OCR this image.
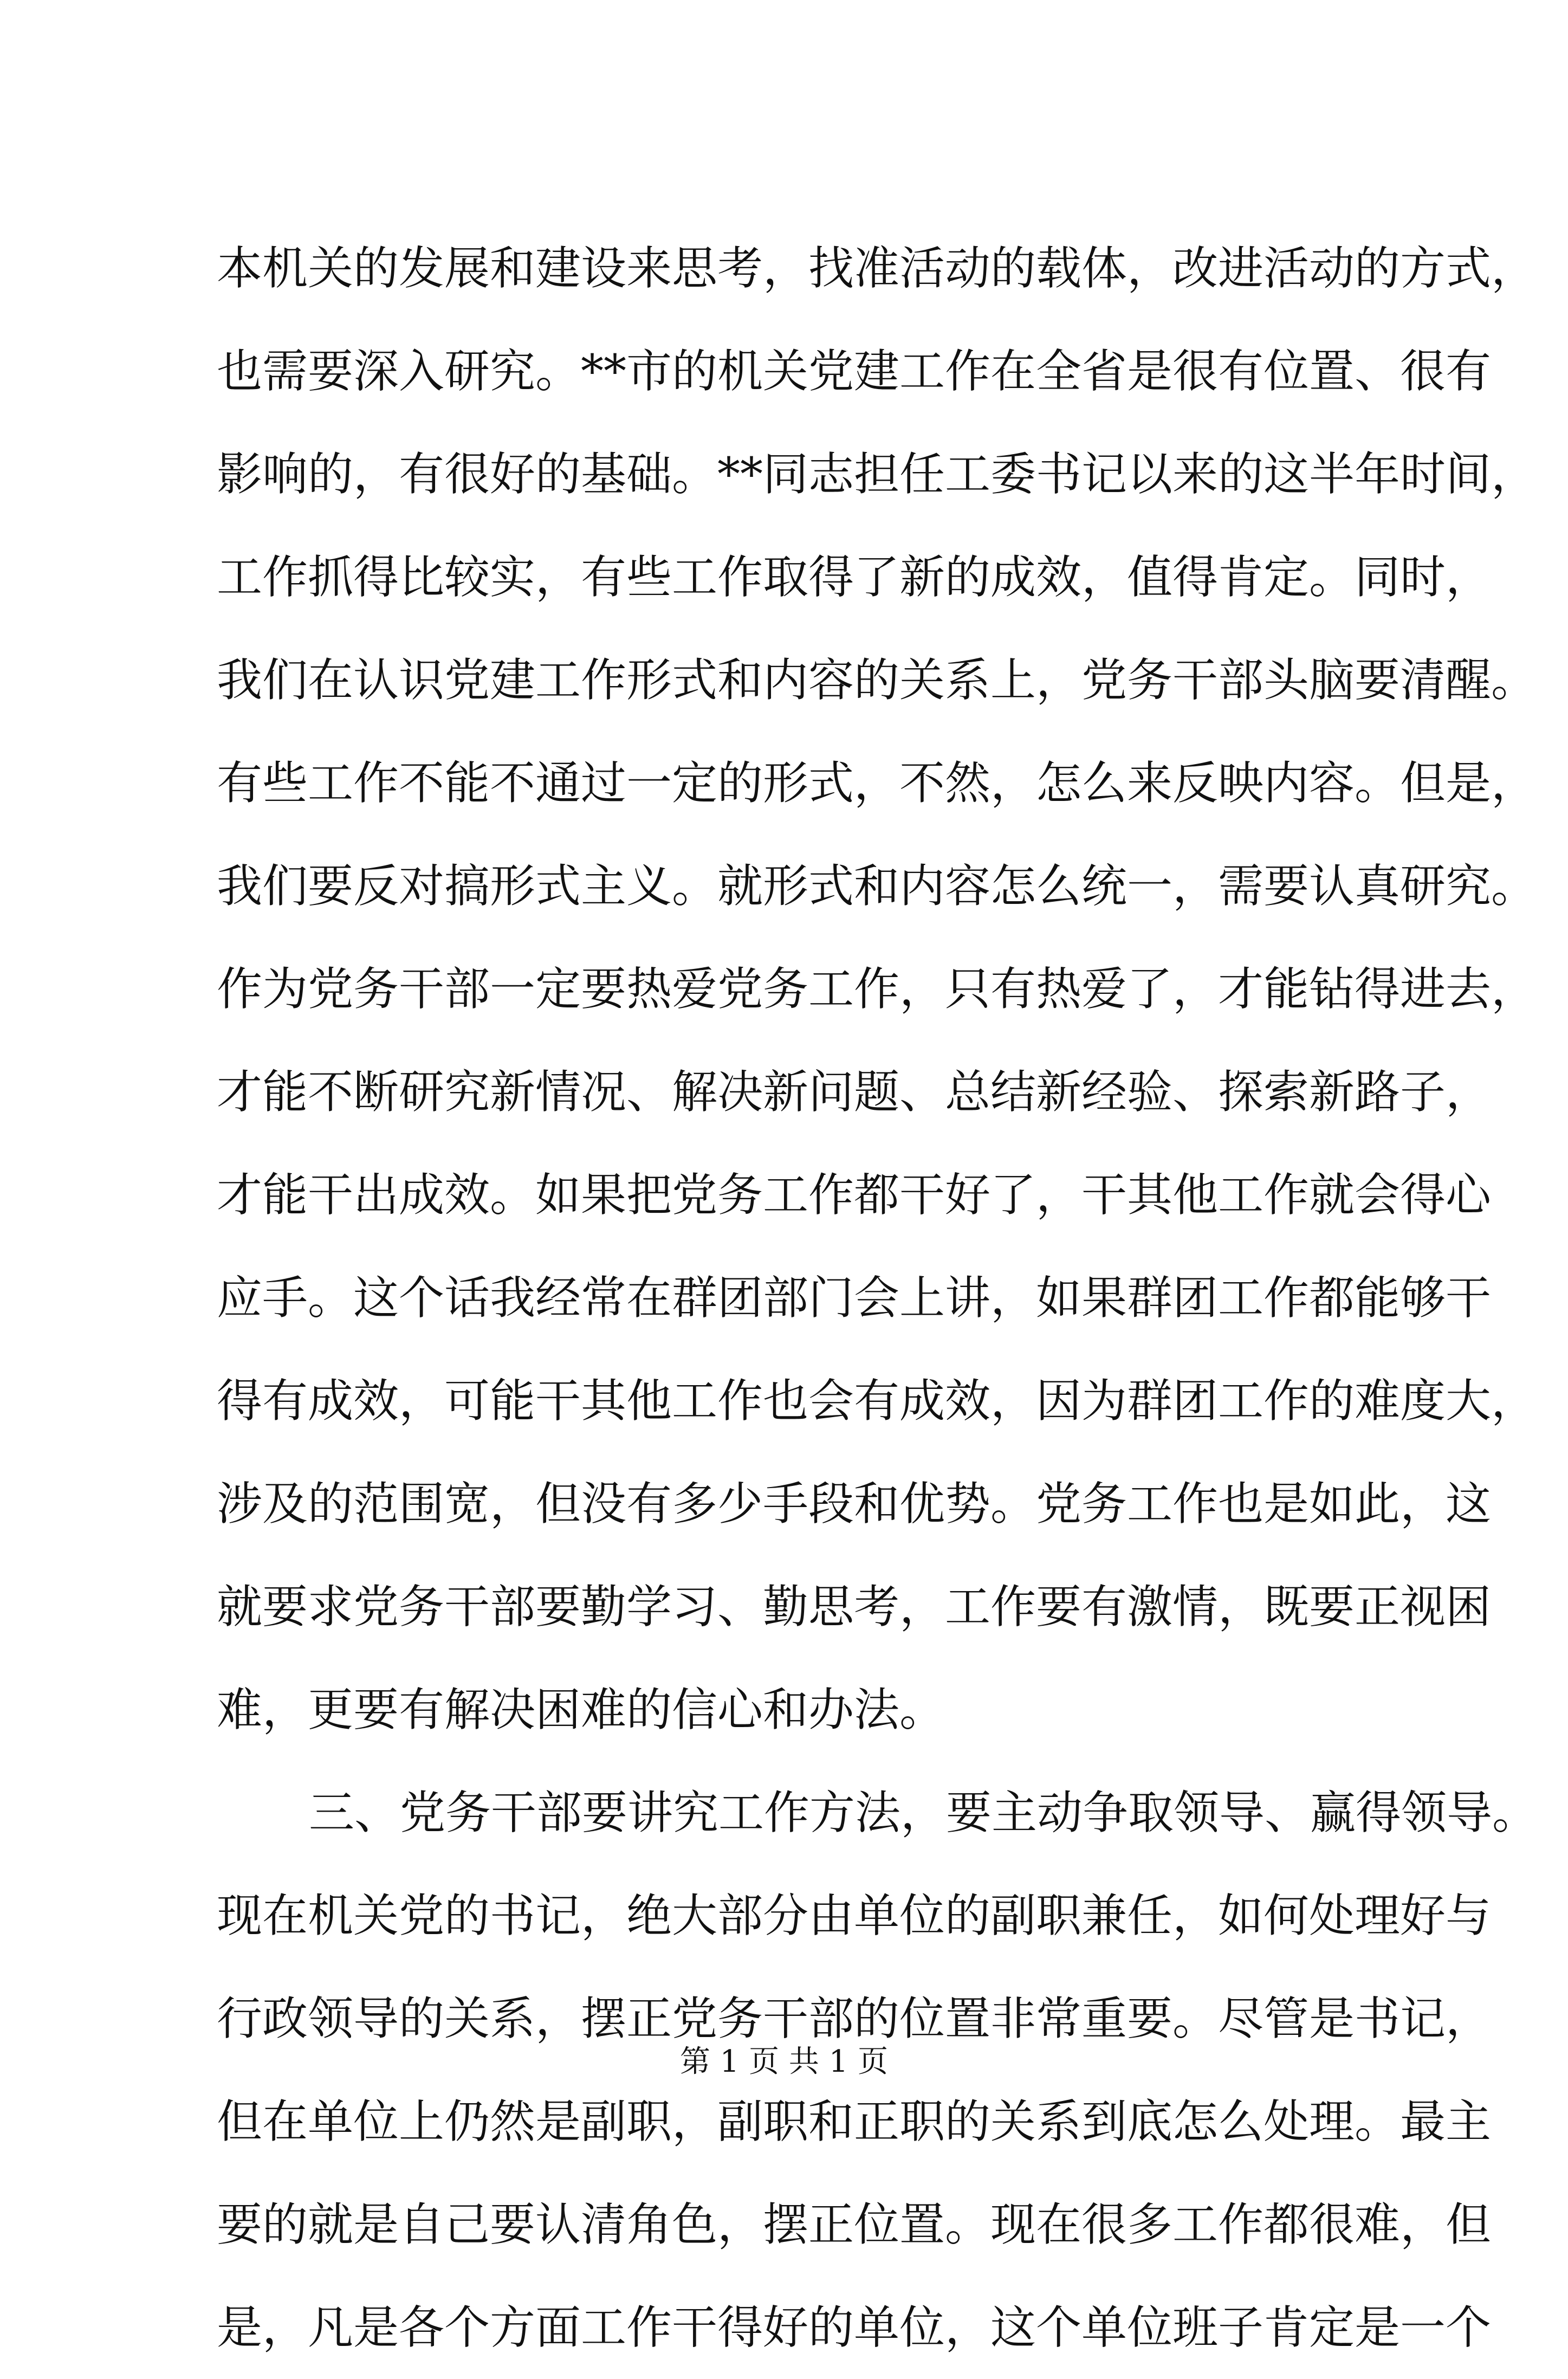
本机关的发展和建设来思考，找准活动的载体，改进活动的方式，
也需要深入研究。**市的机关党建工作在全省是很有位置、很有
影响的，有很好的基础。**同志担任工委书记以来的这半年时间，
工作抓得比较实，有些工作取得了新的成效，值得肯定。同时，
我们在认识党建工作形式和内容的关系上，党务干部头脑要清醒。
有些工作不能不通过一定的形式，不然，怎么来反映内容。但是，
我们要反对搞形式主义。就形式和内容怎么统一，需要认真研究。
作为党务干部一定要热爱党务工作，只有热爱了，才能钻得进去，
才能不断研究新情况、解决新问题、总结新经验、探索新路子，
才能干出成效。如果把党务工作都干好了，干其他工作就会得心
应手。这个话我经常在群团部门会上讲，如果群团工作都能够干
得有成效，可能干其他工作也会有成效，因为群团工作的难度大，
涉及的范围宽，但没有多少手段和优势。党务工作也是如此，这
就要求党务干部要勤学习、勤思考，工作要有激情，既要正视困
难，更要有解决困难的信心和办法。
三、党务干部要讲究工作方法，要主动争取领导、赢得领导。
现在机关党的书记，绝大部分由单位的副职兼任，如何处理好与
行政领导的关系，摆正党务干部的位置非常重要。尽管是书记，
但在单位上仍然是副职，副职和正职的关系到底怎么处理。最主
要的就是自己要认清角色，摆正位置。现在很多工作都很难，但
是，凡是各个方面工作干得好的单位，这个单位班子肯定是一个
第 1 页 共 1 页
